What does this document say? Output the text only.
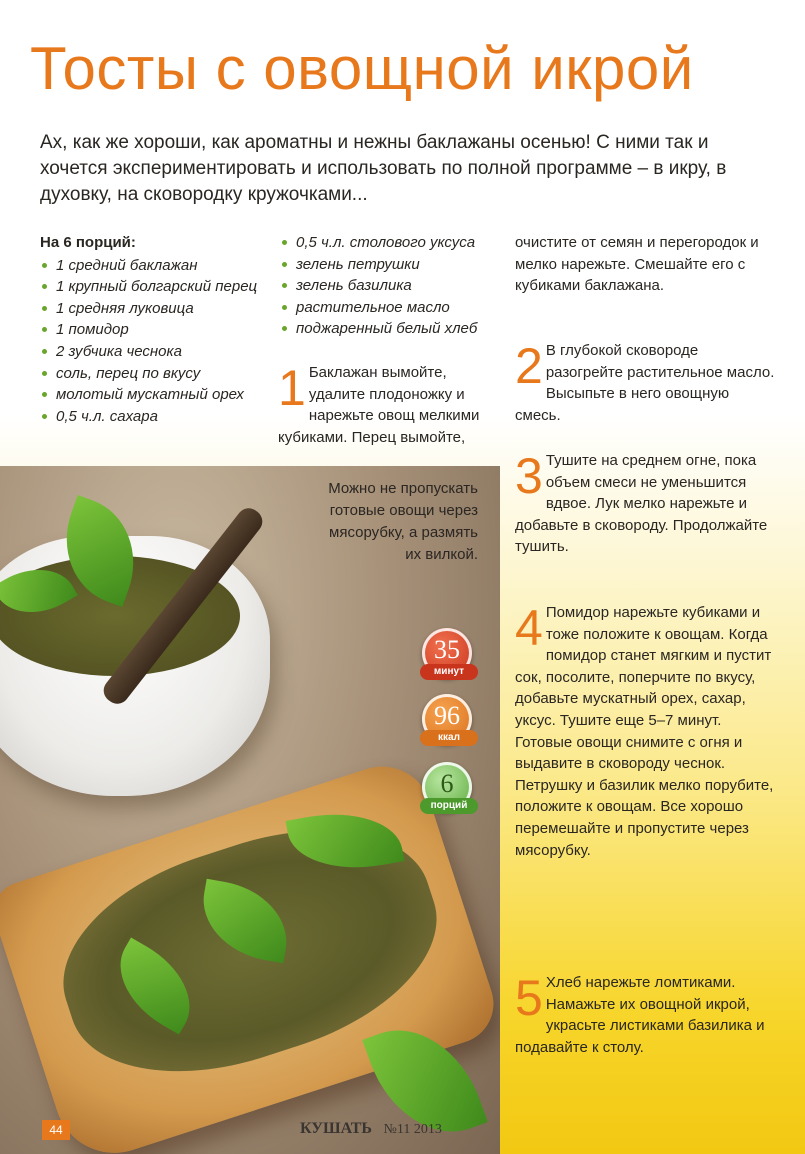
Тосты с овощной икрой

Ах, как же хороши, как ароматны и нежны баклажаны осенью! С ними так и хочется экспериментировать и использовать по полной программе – в икру, в духовку, на сковородку кружочками...

На 6 порций:
1 средний баклажан
1 крупный болгарский перец
1 средняя луковица
1 помидор
2 зубчика чеснока
соль, перец по вкусу
молотый мускатный орех
0,5 ч.л. сахара
0,5 ч.л. столового уксуса
зелень петрушки
зелень базилика
растительное масло
поджаренный белый хлеб

очистите от семян и перегородок и мелко нарежьте. Смешайте его с кубиками баклажана.

1 Баклажан вымойте, удалите плодоножку и нарежьте овощ мелкими кубиками. Перец вымойте,

2 В глубокой сковороде разогрейте растительное масло. Высыпьте в него овощную смесь.

3 Тушите на среднем огне, пока объем смеси не уменьшится вдвое. Лук мелко нарежьте и добавьте в сковороду. Продолжайте тушить.

4 Помидор нарежьте кубиками и тоже положите к овощам. Когда помидор станет мягким и пустит сок, посолите, поперчите по вкусу, добавьте мускатный орех, сахар, уксус. Тушите еще 5–7 минут. Готовые овощи снимите с огня и выдавите в сковороду чеснок. Петрушку и базилик мелко порубите, положите к овощам. Все хорошо перемешайте и пропустите через мясорубку.

5 Хлеб нарежьте ломтиками. Намажьте их овощной икрой, украсьте листиками базилика и подавайте к столу.

Можно не пропускать готовые овощи через мясорубку, а размять их вилкой.
35
минут
96
ккал
6
порций
44	КУШАТЬ №11 2013
